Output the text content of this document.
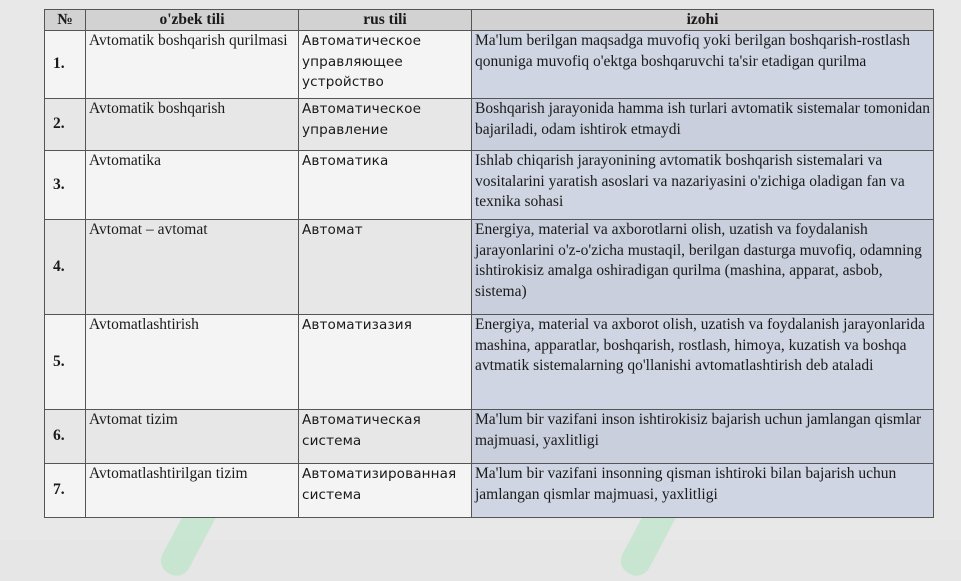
№	o'zbek tili	rus tili	izohi
1.	Avtomatik boshqarish qurilmasi	Автоматическое управляющее устройство	Ma'lum berilgan maqsadga muvofiq yoki berilgan boshqarish-rostlash qonuniga muvofiq o'ektga boshqaruvchi ta'sir etadigan qurilma
2.	Avtomatik boshqarish	Автоматическое управление	Boshqarish jarayonida hamma ish turlari avtomatik sistemalar tomonidan bajariladi, odam ishtirok etmaydi
3.	Avtomatika	Автоматика	Ishlab chiqarish jarayonining avtomatik boshqarish sistemalari va vositalarini yaratish asoslari va nazariyasini o'zichiga oladigan fan va texnika sohasi
4.	Avtomat – avtomat	Автомат	Energiya, material va axborotlarni olish, uzatish va foydalanish jarayonlarini o'z-o'zicha mustaqil, berilgan dasturga muvofiq, odamning ishtirokisiz amalga oshiradigan qurilma (mashina, apparat, asbob, sistema)
5.	Avtomatlashtirish	Автоматизазия	Energiya, material va axborot olish, uzatish va foydalanish jarayonlarida mashina, apparatlar, boshqarish, rostlash, himoya, kuzatish va boshqa avtmatik sistemalarning qo'llanishi avtomatlashtirish deb ataladi
6.	Avtomat tizim	Автоматическая система	Ma'lum bir vazifani inson ishtirokisiz bajarish uchun jamlangan qismlar majmuasi, yaxlitligi
7.	Avtomatlashtirilgan tizim	Автоматизированная система	Ma'lum bir vazifani insonning qisman ishtiroki bilan bajarish uchun jamlangan qismlar majmuasi, yaxlitligi
